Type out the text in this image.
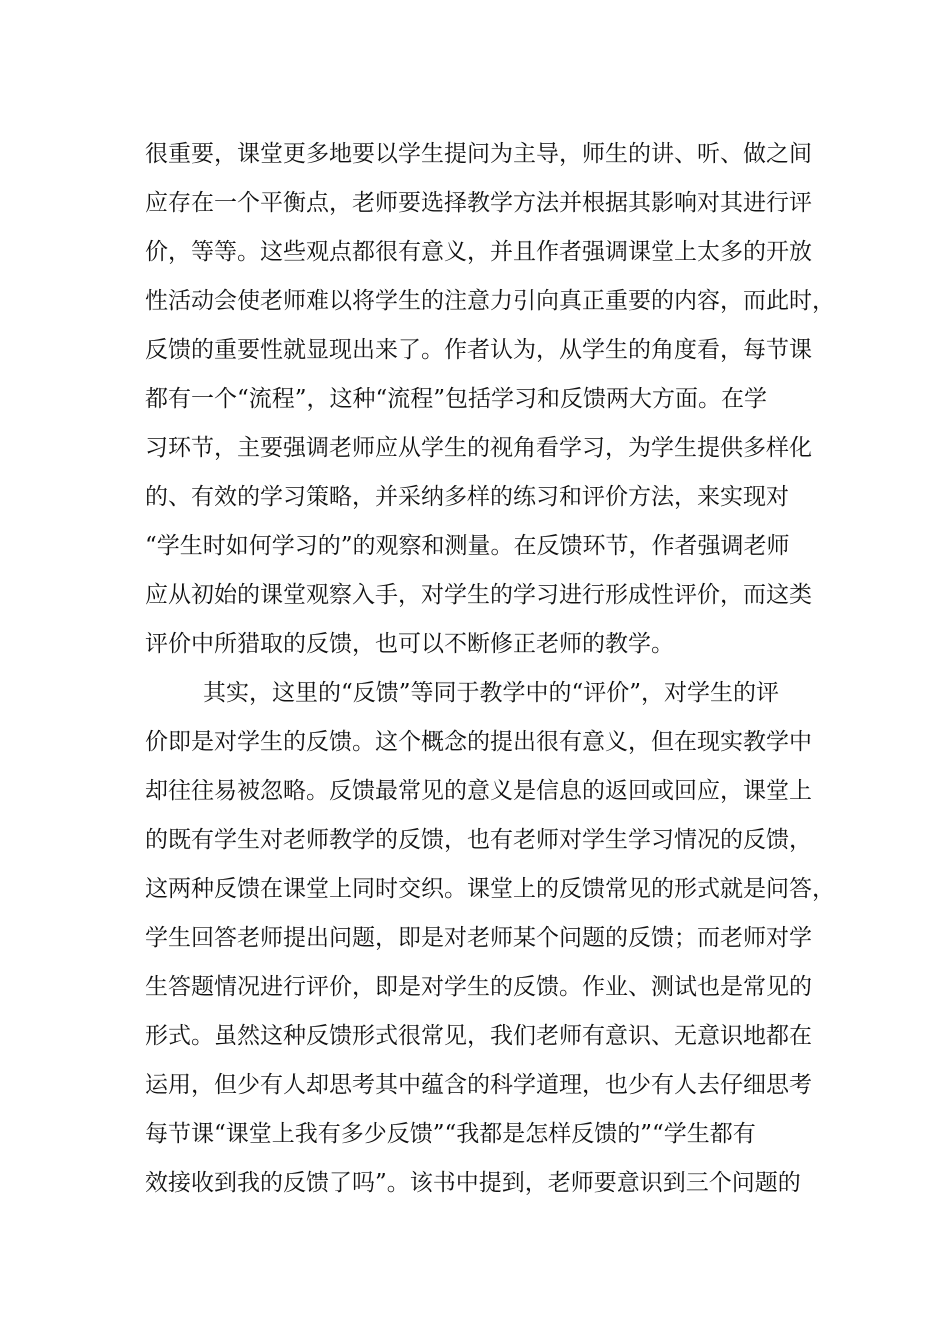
很重要，课堂更多地要以学生提问为主导，师生的讲、听、做之间
应存在一个平衡点，老师要选择教学方法并根据其影响对其进行评
价，等等。这些观点都很有意义，并且作者强调课堂上太多的开放
性活动会使老师难以将学生的注意力引向真正重要的内容，而此时，
反馈的重要性就显现出来了。作者认为，从学生的角度看，每节课
都有一个“流程”，这种“流程”包括学习和反馈两大方面。在学
习环节，主要强调老师应从学生的视角看学习，为学生提供多样化
的、有效的学习策略，并采纳多样的练习和评价方法，来实现对
“学生时如何学习的”的观察和测量。在反馈环节，作者强调老师
应从初始的课堂观察入手，对学生的学习进行形成性评价，而这类
评价中所猎取的反馈，也可以不断修正老师的教学。
其实，这里的“反馈”等同于教学中的“评价”，对学生的评
价即是对学生的反馈。这个概念的提出很有意义，但在现实教学中
却往往易被忽略。反馈最常见的意义是信息的返回或回应，课堂上
的既有学生对老师教学的反馈，也有老师对学生学习情况的反馈，
这两种反馈在课堂上同时交织。课堂上的反馈常见的形式就是问答，
学生回答老师提出问题，即是对老师某个问题的反馈；而老师对学
生答题情况进行评价，即是对学生的反馈。作业、测试也是常见的
形式。虽然这种反馈形式很常见，我们老师有意识、无意识地都在
运用，但少有人却思考其中蕴含的科学道理，也少有人去仔细思考
每节课“课堂上我有多少反馈”“我都是怎样反馈的”“学生都有
效接收到我的反馈了吗”。该书中提到，老师要意识到三个问题的
